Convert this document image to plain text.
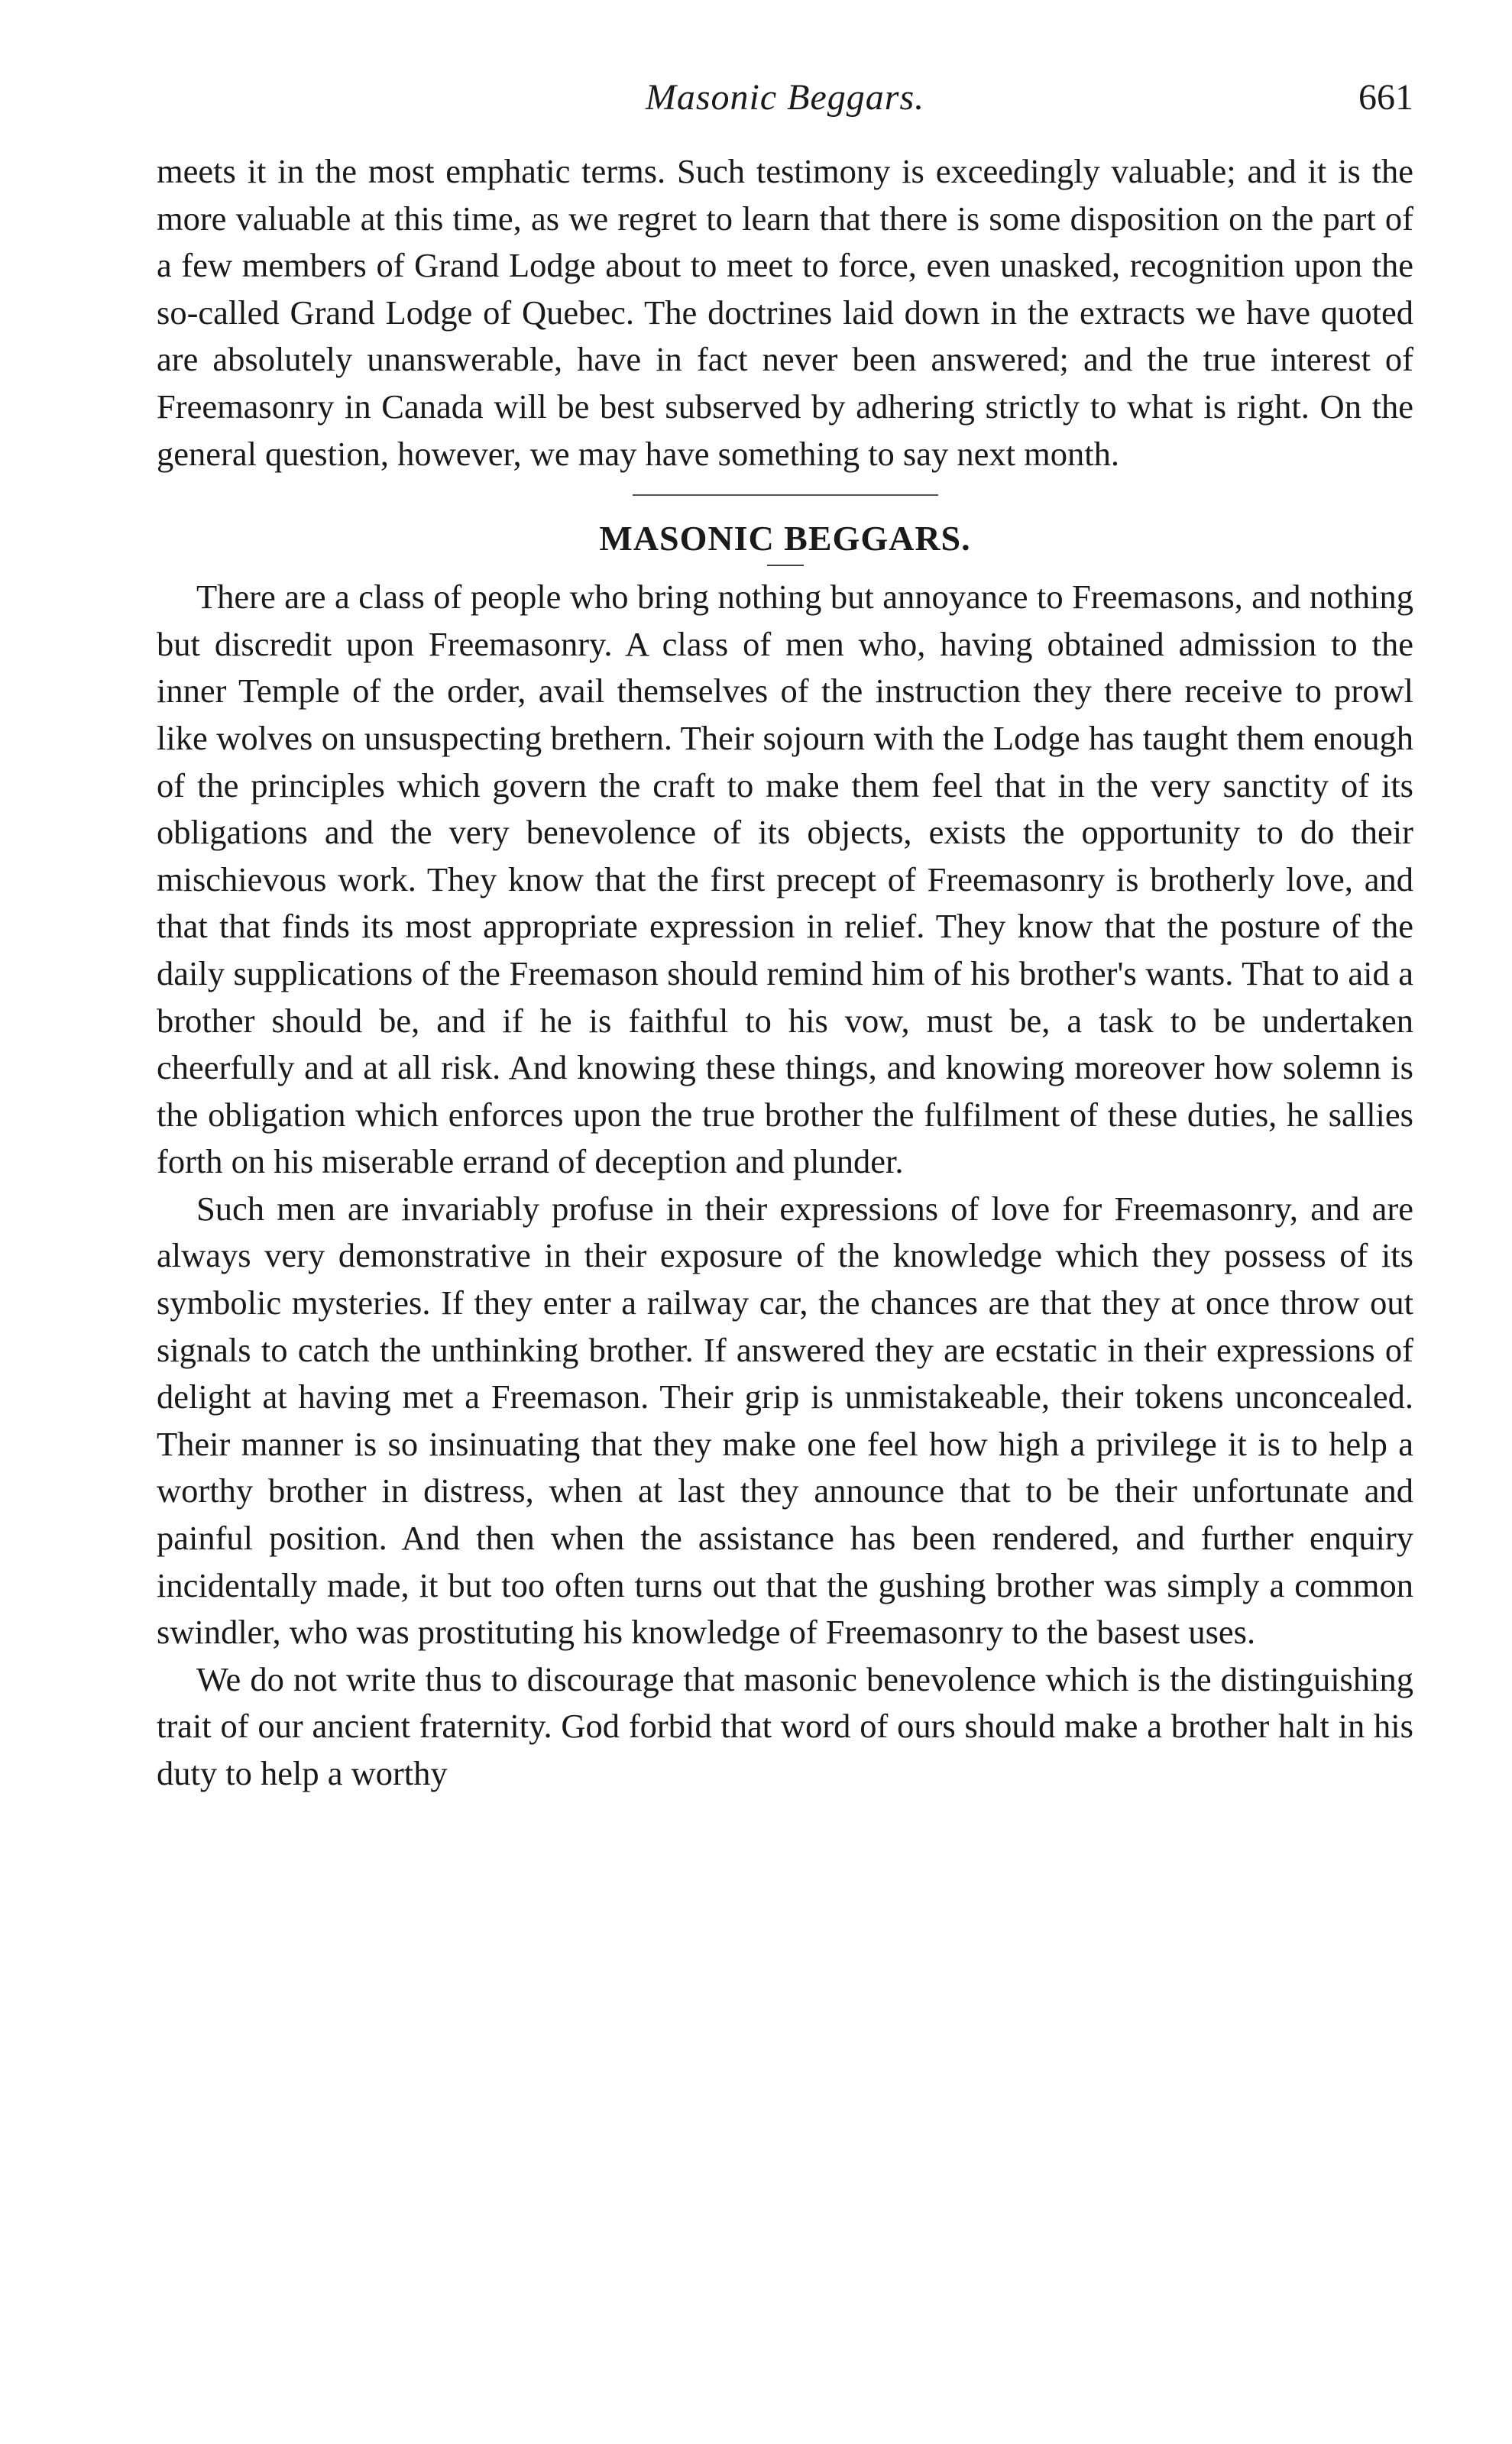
Masonic Beggars.	661

meets it in the most emphatic terms. Such testimony is exceedingly valuable; and it is the more valuable at this time, as we regret to learn that there is some disposition on the part of a few members of Grand Lodge about to meet to force, even unasked, recognition upon the so-called Grand Lodge of Quebec. The doctrines laid down in the extracts we have quoted are absolutely unanswerable, have in fact never been answered; and the true interest of Freemasonry in Canada will be best subserved by adhering strictly to what is right. On the general question, however, we may have something to say next month.

MASONIC BEGGARS.

There are a class of people who bring nothing but annoyance to Freemasons, and nothing but discredit upon Freemasonry. A class of men who, having obtained admission to the inner Temple of the order, avail themselves of the instruction they there receive to prowl like wolves on unsuspecting brethern. Their sojourn with the Lodge has taught them enough of the principles which govern the craft to make them feel that in the very sanctity of its obligations and the very benevolence of its objects, exists the opportunity to do their mischievous work. They know that the first precept of Freemasonry is brotherly love, and that that finds its most appropriate expression in relief. They know that the posture of the daily supplications of the Freemason should remind him of his brother's wants. That to aid a brother should be, and if he is faithful to his vow, must be, a task to be undertaken cheerfully and at all risk. And knowing these things, and knowing moreover how solemn is the obligation which enforces upon the true brother the fulfilment of these duties, he sallies forth on his miserable errand of deception and plunder.

Such men are invariably profuse in their expressions of love for Freemasonry, and are always very demonstrative in their exposure of the knowledge which they possess of its symbolic mysteries. If they enter a railway car, the chances are that they at once throw out signals to catch the unthinking brother. If answered they are ecstatic in their expressions of delight at having met a Freemason. Their grip is unmistakeable, their tokens unconcealed. Their manner is so insinuating that they make one feel how high a privilege it is to help a worthy brother in distress, when at last they announce that to be their unfortunate and painful position. And then when the assistance has been rendered, and further enquiry incidentally made, it but too often turns out that the gushing brother was simply a common swindler, who was prostituting his knowledge of Freemasonry to the basest uses.

We do not write thus to discourage that masonic benevolence which is the distinguishing trait of our ancient fraternity. God forbid that word of ours should make a brother halt in his duty to help a worthy
